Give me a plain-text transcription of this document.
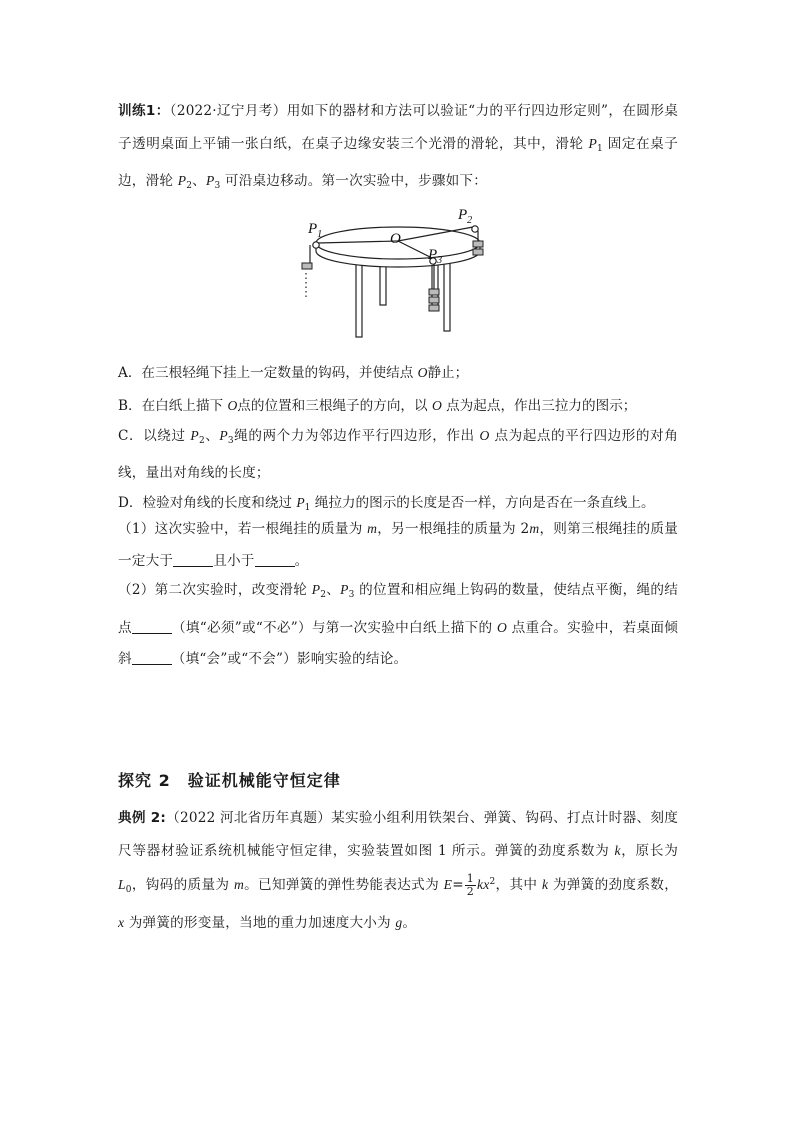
训练1：（2022·辽宁月考）用如下的器材和方法可以验证“力的平行四边形定则”，在圆形桌子透明桌面上平铺一张白纸，在桌子边缘安装三个光滑的滑轮，其中，滑轮 $P_1$ 固定在桌子边，滑轮 $P_2$、$P_3$ 可沿桌边移动。第一次实验中，步骤如下：
$P_1$
$P_2$
$P_3$
O
A．在三根轻绳下挂上一定数量的钩码，并使结点 O静止；
B．在白纸上描下 O点的位置和三根绳子的方向，以 O 点为起点，作出三拉力的图示；
C．以绕过 $P_2$、$P_3$绳的两个力为邻边作平行四边形，作出 O 点为起点的平行四边形的对角线，量出对角线的长度；
D．检验对角线的长度和绕过 $P_1$ 绳拉力的图示的长度是否一样，方向是否在一条直线上。
（1）这次实验中，若一根绳挂的质量为 m，另一根绳挂的质量为 2m，则第三根绳挂的质量一定大于	且小于	。
（2）第二次实验时，改变滑轮 $P_2$、$P_3$ 的位置和相应绳上钩码的数量，使结点平衡，绳的结点	（填“必须”或“不必”）与第一次实验中白纸上描下的 O 点重合。实验中，若桌面倾斜	（填“会”或“不会”）影响实验的结论。
探究 2　验证机械能守恒定律
典例 2:（2022 河北省历年真题）某实验小组利用铁架台、弹簧、钩码、打点计时器、刻度尺等器材验证系统机械能守恒定律，实验装置如图 1 所示。弹簧的劲度系数为 k，原长为 $L_0$，钩码的质量为 m。已知弹簧的弹性势能表达式为 $E= \frac{1}{2} kx^2$，其中 k 为弹簧的劲度系数，x 为弹簧的形变量，当地的重力加速度大小为 g。
